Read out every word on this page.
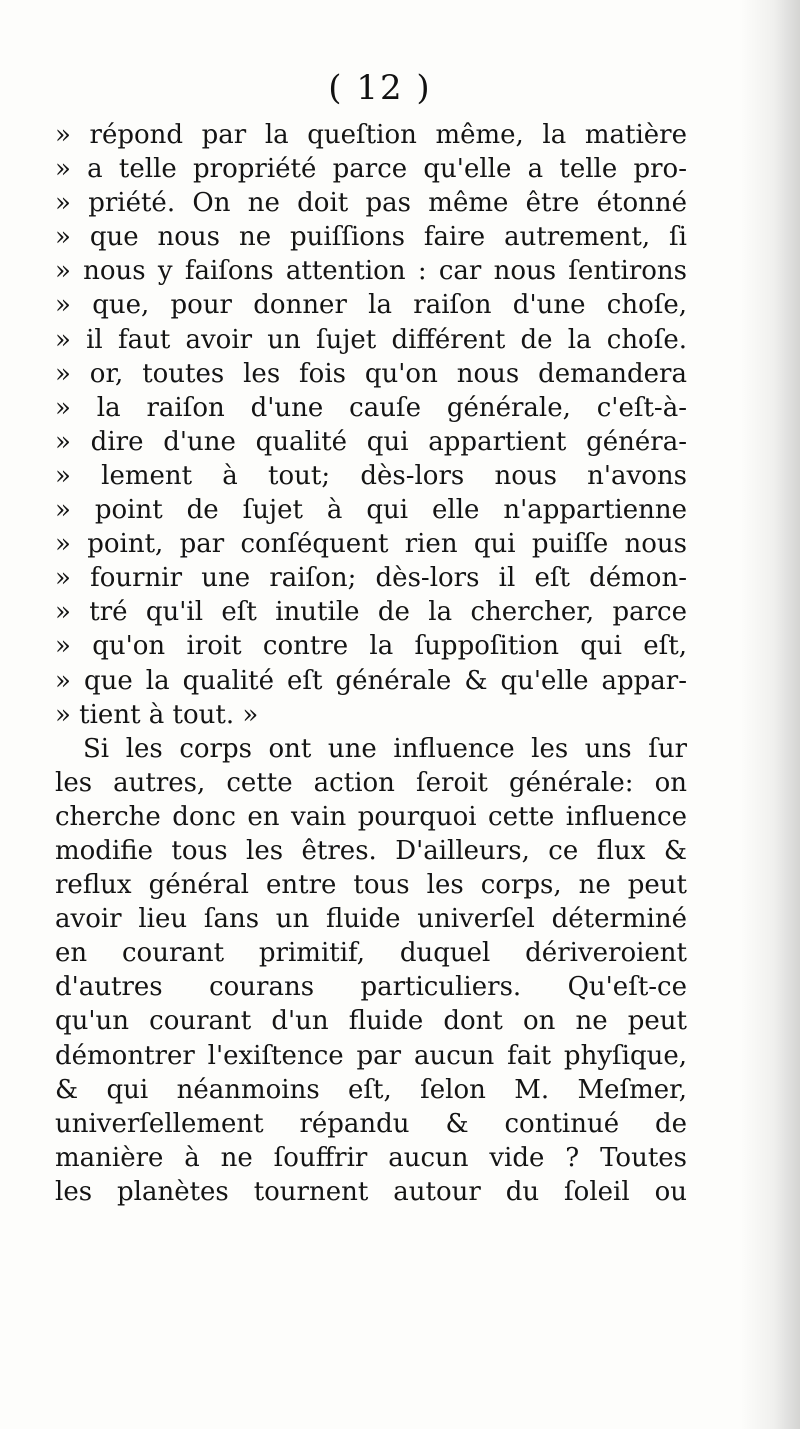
( 12 )
» répond par la queſtion même, la matière
» a telle propriété parce qu'elle a telle pro-
» priété. On ne doit pas même être étonné
» que nous ne puiſſions faire autrement, ſi
» nous y faiſons attention : car nous ſentirons
» que, pour donner la raiſon d'une choſe,
» il faut avoir un ſujet différent de la choſe.
» or, toutes les fois qu'on nous demandera
» la raiſon d'une cauſe générale, c'eſt-à-
» dire d'une qualité qui appartient généra-
» lement à tout; dès-lors nous n'avons
» point de ſujet à qui elle n'appartienne
» point, par conſéquent rien qui puiſſe nous
» fournir une raiſon; dès-lors il eſt démon-
» tré qu'il eſt inutile de la chercher, parce
» qu'on iroit contre la ſuppoſition qui eſt,
» que la qualité eſt générale & qu'elle appar-
» tient à tout. »
Si les corps ont une influence les uns ſur
les autres, cette action ſeroit générale: on
cherche donc en vain pourquoi cette influence
modifie tous les êtres. D'ailleurs, ce flux &
reflux général entre tous les corps, ne peut
avoir lieu ſans un fluide univerſel déterminé
en courant primitif, duquel dériveroient
d'autres courans particuliers. Qu'eſt-ce
qu'un courant d'un fluide dont on ne peut
démontrer l'exiſtence par aucun fait phyſique,
& qui néanmoins eſt, ſelon M. Meſmer,
univerſellement répandu & continué de
manière à ne ſouffrir aucun vide ? Toutes
les planètes tournent autour du ſoleil ou
